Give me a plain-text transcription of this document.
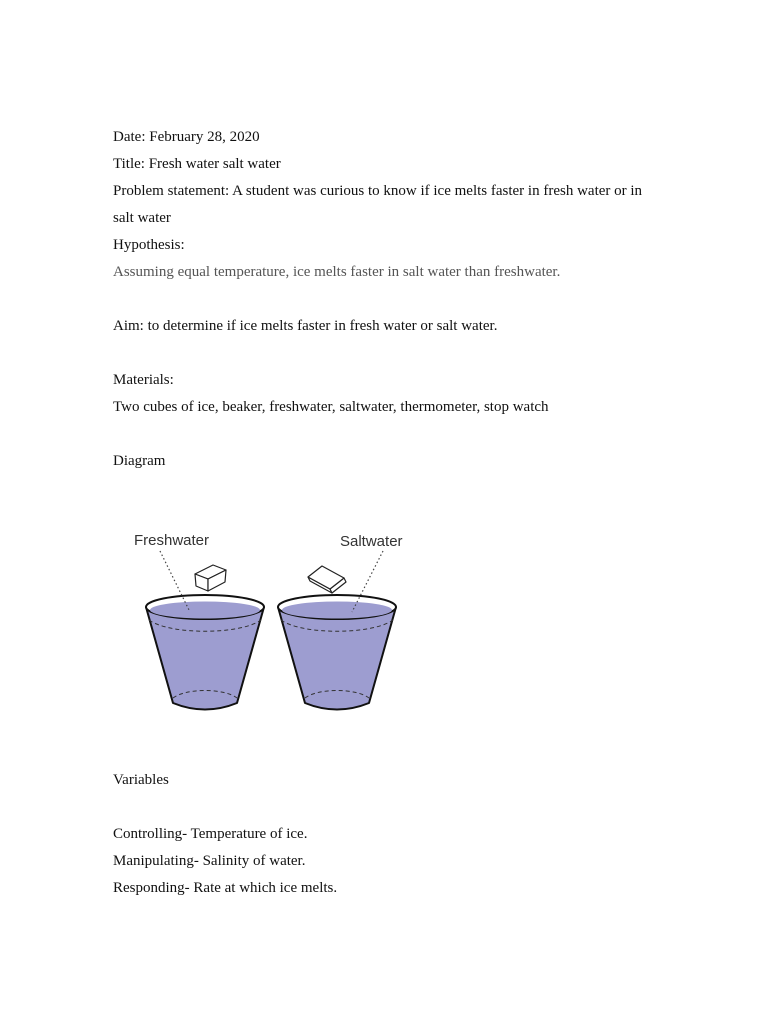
Date: February 28, 2020

Title: Fresh water salt water

Problem statement: A student was curious to know if ice melts faster in fresh water or in salt water

Hypothesis:

Assuming equal temperature, ice melts faster in salt water than freshwater.

Aim: to determine if ice melts faster in fresh water or salt water.

Materials:

Two cubes of ice, beaker, freshwater, saltwater, thermometer, stop watch

Diagram

Freshwater	Saltwater

Variables

Controlling- Temperature of ice.

Manipulating- Salinity of water.

Responding- Rate at which ice melts.
